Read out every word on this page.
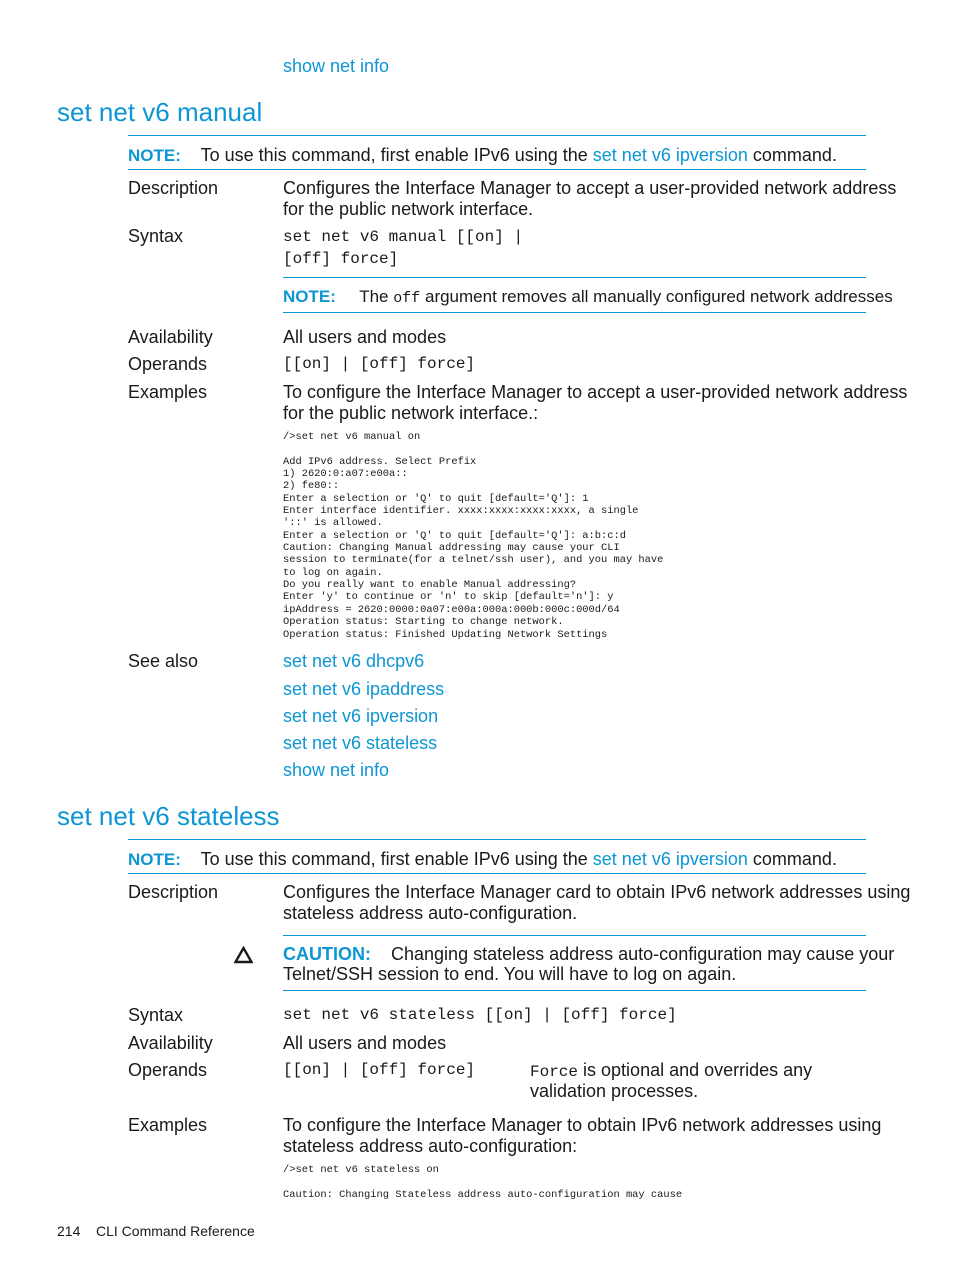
show net info
set net v6 manual
NOTE: To use this command, first enable IPv6 using the set net v6 ipversion command.
Description	Configures the Interface Manager to accept a user-provided network address
for the public network interface.
Syntax	set net v6 manual [[on] |
[off] force]
NOTE: The off argument removes all manually configured network addresses
Availability	All users and modes
Operands	[[on] | [off] force]
Examples	To configure the Interface Manager to accept a user-provided network address
for the public network interface.:
/>set net v6 manual on

Add IPv6 address. Select Prefix
1) 2620:0:a07:e00a::
2) fe80::
Enter a selection or 'Q' to quit [default='Q']: 1
Enter interface identifier. xxxx:xxxx:xxxx:xxxx, a single
'::' is allowed.
Enter a selection or 'Q' to quit [default='Q']: a:b:c:d
Caution: Changing Manual addressing may cause your CLI
session to terminate(for a telnet/ssh user), and you may have
to log on again.
Do you really want to enable Manual addressing?
Enter 'y' to continue or 'n' to skip [default='n']: y
ipAddress = 2620:0000:0a07:e00a:000a:000b:000c:000d/64
Operation status: Starting to change network.
Operation status: Finished Updating Network Settings
See also	set net v6 dhcpv6
set net v6 ipaddress
set net v6 ipversion
set net v6 stateless
show net info
set net v6 stateless
NOTE: To use this command, first enable IPv6 using the set net v6 ipversion command.
Description	Configures the Interface Manager card to obtain IPv6 network addresses using
stateless address auto-configuration.
CAUTION: Changing stateless address auto-configuration may cause your
Telnet/SSH session to end. You will have to log on again.
Syntax	set net v6 stateless [[on] | [off] force]
Availability	All users and modes
Operands	[[on] | [off] force]	Force is optional and overrides any
validation processes.
Examples	To configure the Interface Manager to obtain IPv6 network addresses using
stateless address auto-configuration:
/>set net v6 stateless on

Caution: Changing Stateless address auto-configuration may cause
214 CLI Command Reference
